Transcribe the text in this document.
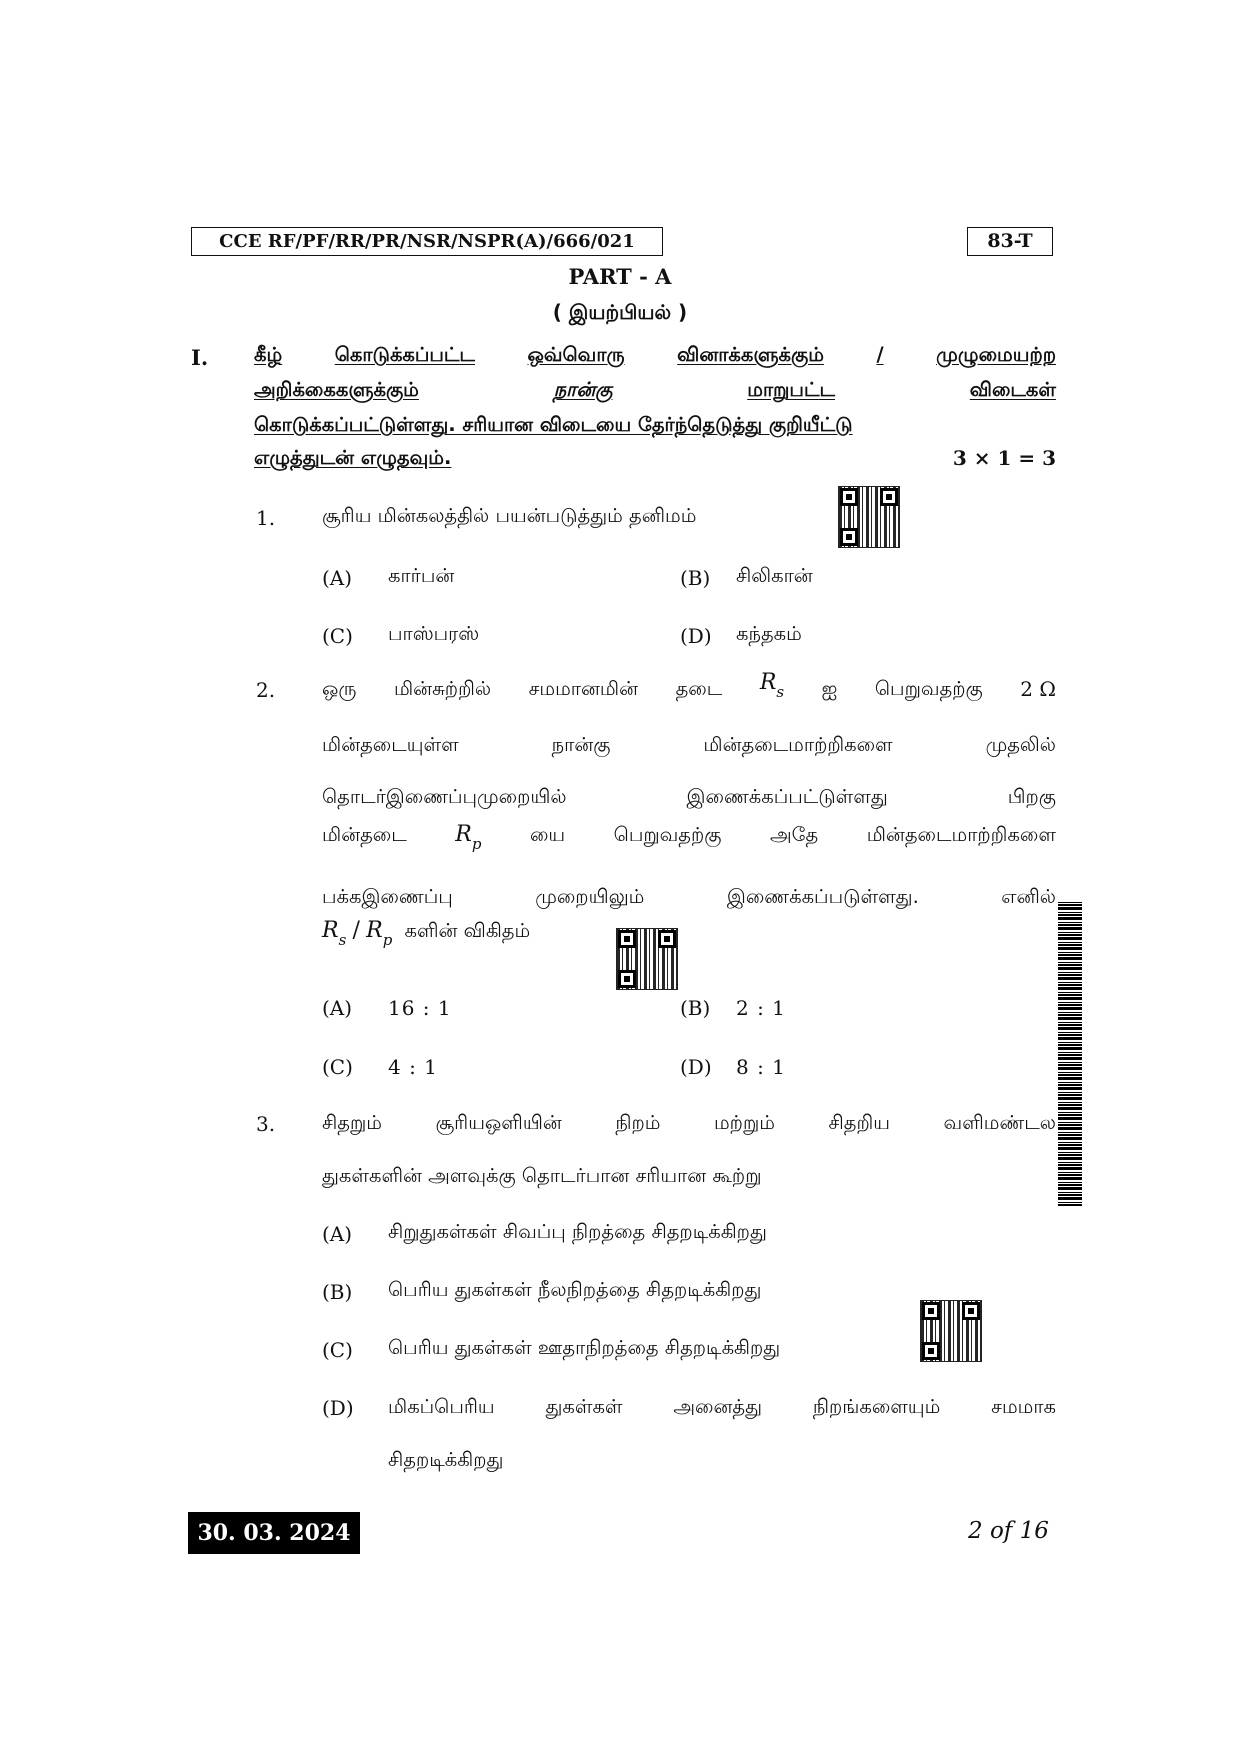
CCE RF/PF/RR/PR/NSR/NSPR(A)/666/021	83-T
PART - A
( இயற்பியல் )
I. கீழ்	கொடுக்கப்பட்ட	ஒவ்வொரு	வினாக்களுக்கும்	/	முழுமையற்ற
அறிக்கைகளுக்கும்	நான்கு	மாறுபட்ட	விடைகள்
கொடுக்கப்பட்டுள்ளது. சரியான விடையை தேர்ந்தெடுத்து குறியீட்டு
எழுத்துடன் எழுதவும்.	3 × 1 = 3
1. சூரிய மின்கலத்தில் பயன்படுத்தும் தனிமம்
(A) கார்பன்	(B) சிலிகான்
(C) பாஸ்பரஸ்	(D) கந்தகம்
2. ஒரு மின்சுற்றில் சமமானமின் தடை $R_s$ ஐ பெறுவதற்கு 2 Ω
மின்தடையுள்ள	நான்கு	மின்தடைமாற்றிகளை	முதலில்
தொடர்இணைப்புமுறையில்	இணைக்கப்பட்டுள்ளது	பிறகு
மின்தடை $R_p$ யை பெறுவதற்கு அதே மின்தடைமாற்றிகளை
பக்கஇணைப்பு	முறையிலும்	இணைக்கப்படுள்ளது.	எனில்
$R_s / R_p$ களின் விகிதம்
(A) 16 : 1	(B) 2 : 1
(C) 4 : 1	(D) 8 : 1
3. சிதறும்	சூரியஒளியின்	நிறம்	மற்றும்	சிதறிய	வளிமண்டல
துகள்களின் அளவுக்கு தொடர்பான சரியான கூற்று
(A) சிறுதுகள்கள் சிவப்பு நிறத்தை சிதறடிக்கிறது
(B) பெரிய துகள்கள் நீலநிறத்தை சிதறடிக்கிறது
(C) பெரிய துகள்கள் ஊதாநிறத்தை சிதறடிக்கிறது
(D) மிகப்பெரிய	துகள்கள்	அனைத்து	நிறங்களையும்	சமமாக
சிதறடிக்கிறது
30. 03. 2024	2 of 16
